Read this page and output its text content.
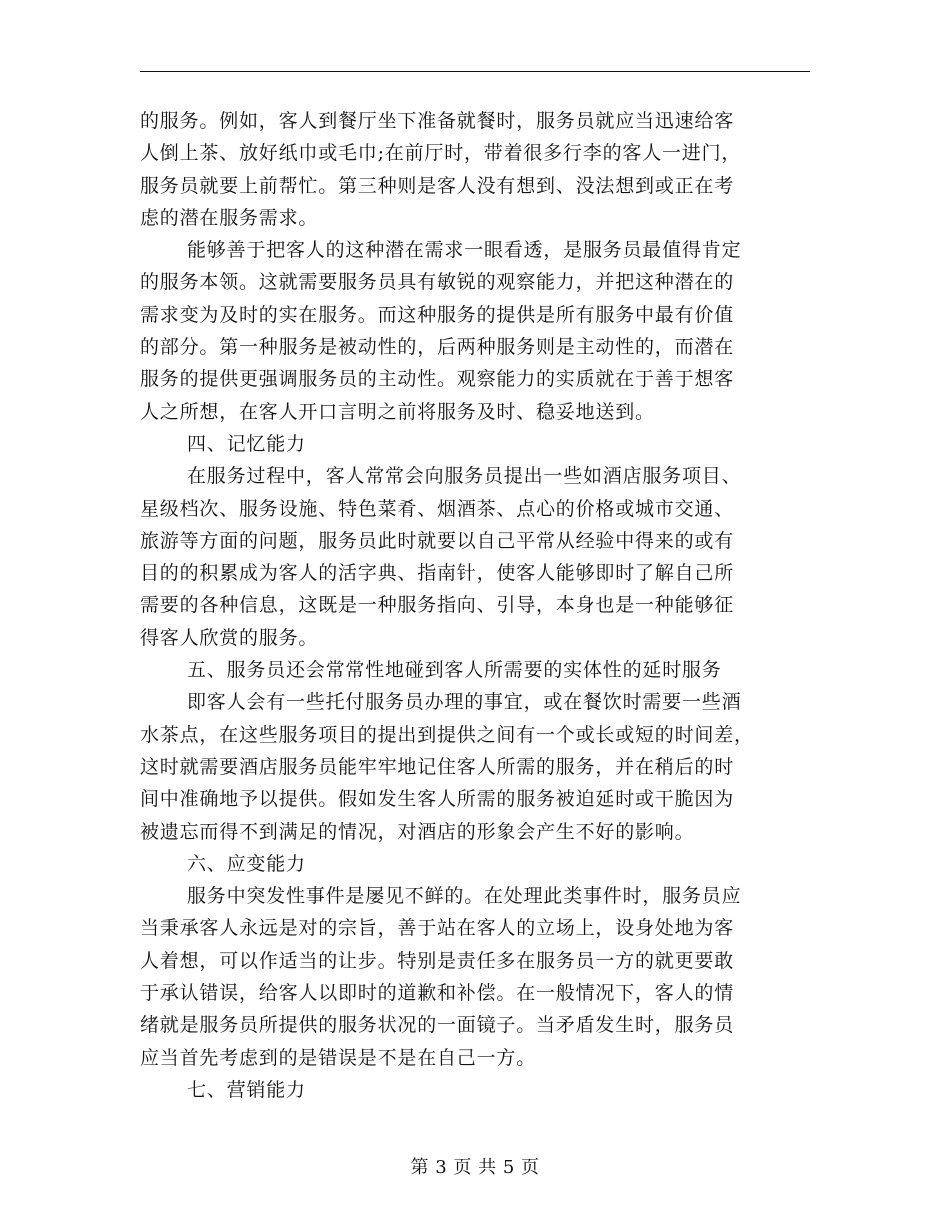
的服务。例如，客人到餐厅坐下准备就餐时，服务员就应当迅速给客
人倒上茶、放好纸巾或毛巾;在前厅时，带着很多行李的客人一进门，
服务员就要上前帮忙。第三种则是客人没有想到、没法想到或正在考
虑的潜在服务需求。
能够善于把客人的这种潜在需求一眼看透，是服务员最值得肯定
的服务本领。这就需要服务员具有敏锐的观察能力，并把这种潜在的
需求变为及时的实在服务。而这种服务的提供是所有服务中最有价值
的部分。第一种服务是被动性的，后两种服务则是主动性的，而潜在
服务的提供更强调服务员的主动性。观察能力的实质就在于善于想客
人之所想，在客人开口言明之前将服务及时、稳妥地送到。
四、记忆能力
在服务过程中，客人常常会向服务员提出一些如酒店服务项目、
星级档次、服务设施、特色菜肴、烟酒茶、点心的价格或城市交通、
旅游等方面的问题，服务员此时就要以自己平常从经验中得来的或有
目的的积累成为客人的活字典、指南针，使客人能够即时了解自己所
需要的各种信息，这既是一种服务指向、引导，本身也是一种能够征
得客人欣赏的服务。
五、服务员还会常常性地碰到客人所需要的实体性的延时服务
即客人会有一些托付服务员办理的事宜，或在餐饮时需要一些酒
水茶点，在这些服务项目的提出到提供之间有一个或长或短的时间差，
这时就需要酒店服务员能牢牢地记住客人所需的服务，并在稍后的时
间中准确地予以提供。假如发生客人所需的服务被迫延时或干脆因为
被遗忘而得不到满足的情况，对酒店的形象会产生不好的影响。
六、应变能力
服务中突发性事件是屡见不鲜的。在处理此类事件时，服务员应
当秉承客人永远是对的宗旨，善于站在客人的立场上，设身处地为客
人着想，可以作适当的让步。特别是责任多在服务员一方的就更要敢
于承认错误，给客人以即时的道歉和补偿。在一般情况下，客人的情
绪就是服务员所提供的服务状况的一面镜子。当矛盾发生时，服务员
应当首先考虑到的是错误是不是在自己一方。
七、营销能力
第 3 页 共 5 页
